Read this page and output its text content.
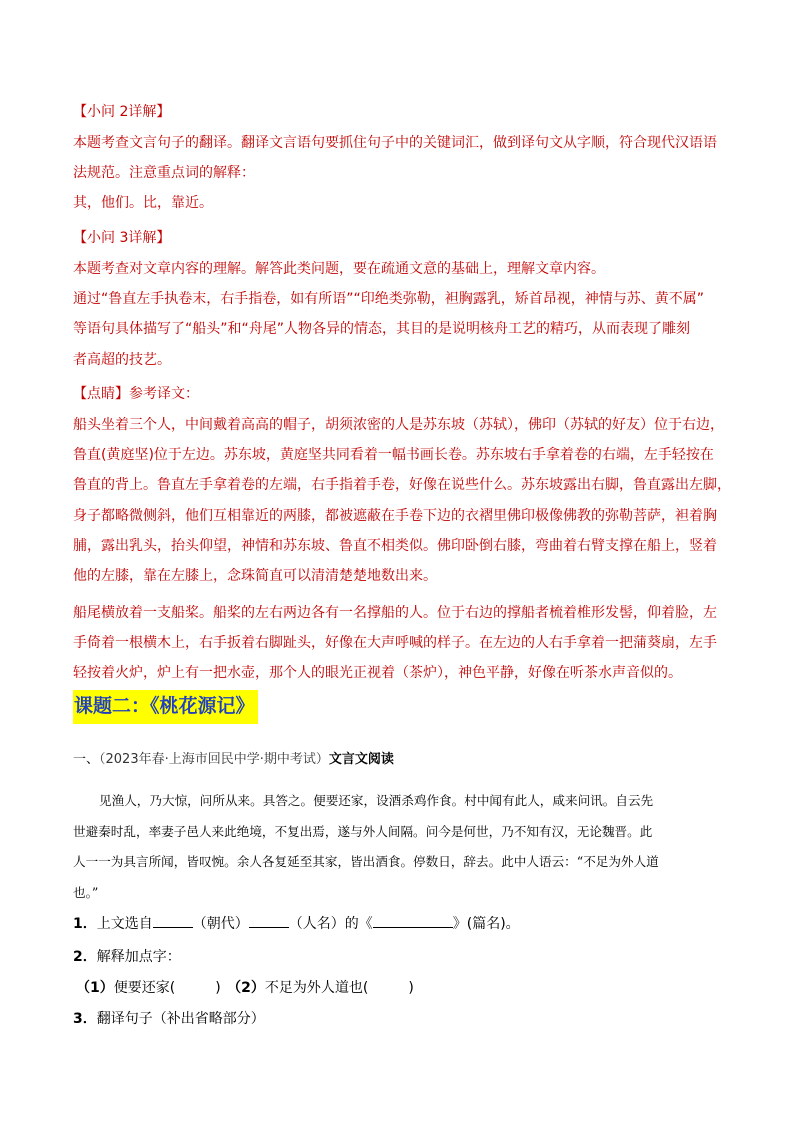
【小问 2详解】
本题考查文言句子的翻译。翻译文言语句要抓住句子中的关键词汇，做到译句文从字顺，符合现代汉语语
法规范。注意重点词的解释：
其，他们。比，靠近。
【小问 3详解】
本题考查对文章内容的理解。解答此类问题，要在疏通文意的基础上，理解文章内容。
通过“鲁直左手执卷末，右手指卷，如有所语”“印绝类弥勒，袒胸露乳，矫首昂视，神情与苏、黄不属”
等语句具体描写了“船头”和“舟尾”人物各异的情态，其目的是说明核舟工艺的精巧，从而表现了雕刻
者高超的技艺。
【点睛】参考译文：
船头坐着三个人，中间戴着高高的帽子，胡须浓密的人是苏东坡（苏轼），佛印（苏轼的好友）位于右边，
鲁直(黄庭坚)位于左边。苏东坡，黄庭坚共同看着一幅书画长卷。苏东坡右手拿着卷的右端，左手轻按在
鲁直的背上。鲁直左手拿着卷的左端，右手指着手卷，好像在说些什么。苏东坡露出右脚，鲁直露出左脚，
身子都略微侧斜，他们互相靠近的两膝，都被遮蔽在手卷下边的衣褶里佛印极像佛教的弥勒菩萨，袒着胸
脯，露出乳头，抬头仰望，神情和苏东坡、鲁直不相类似。佛印卧倒右膝，弯曲着右臂支撑在船上，竖着
他的左膝，靠在左膝上，念珠简直可以清清楚楚地数出来。
船尾横放着一支船桨。船桨的左右两边各有一名撑船的人。位于右边的撑船者梳着椎形发髻，仰着脸，左
手倚着一根横木上，右手扳着右脚趾头，好像在大声呼喊的样子。在左边的人右手拿着一把蒲葵扇，左手
轻按着火炉，炉上有一把水壶，那个人的眼光正视着（茶炉），神色平静，好像在听茶水声音似的。
课题二：《桃花源记》
一、（2023年春·上海市回民中学·期中考试）文言文阅读
见渔人，乃大惊，问所从来。具答之。便要还家，设酒杀鸡作食。村中闻有此人，咸来问讯。自云先
世避秦时乱，率妻子邑人来此绝境，不复出焉，遂与外人间隔。问今是何世，乃不知有汉，无论魏晋。此
人一一为具言所闻，皆叹惋。余人各复延至其家，皆出酒食。停数日，辞去。此中人语云：“不足为外人道
也。”
1．上文选自	（朝代）	（人名）的《	》(篇名)。
2．解释加点字：
（1）便要还家(	) （2）不足为外人道也(	)
3．翻译句子（补出省略部分）
